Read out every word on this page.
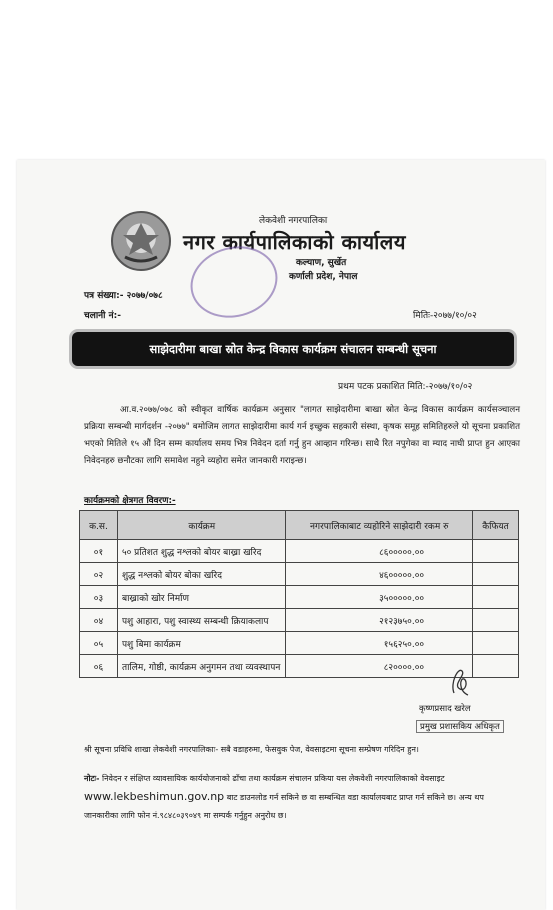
लेकवेशी नगरपालिका
नगर कार्यपालिकाको कार्यालय
कल्याण, सुर्खेत
कर्णाली प्रदेश, नेपाल
पत्र संख्या:- २०७७/०७८
चलानी नं:-	मितिः-२०७७/१०/०२
साझेदारीमा बाखा स्रोत केन्द्र विकास कार्यक्रम संचालन सम्बन्धी सूचना
प्रथम पटक प्रकाशित मिति:-२०७७/१०/०२
आ.व.२०७७/०७८ को स्वीकृत वार्षिक कार्यक्रम अनुसार "लागत साझेदारीमा बाखा स्रोत केन्द्र विकास कार्यक्रम कार्यसञ्चालन प्रक्रिया सम्बन्धी मार्गदर्शन -२०७७" बमोजिम लागत साझेदारीमा कार्य गर्न इच्छुक सहकारी संस्था, कृषक समूह समितिहरुले यो सूचना प्रकाशित भएको मितिले १५ औं दिन सम्म कार्यालय समय भित्र निवेदन दर्ता गर्नु हुन आव्हान गरिन्छ। साथै रित नपुगेका वा म्याद नाघी प्राप्त हुन आएका निवेदनहरु छनौटका लागि समावेश नहुने व्यहोरा समेत जानकारी गराइन्छ।
कार्यक्रमको क्षेत्रगत विवरण:-
क.स.	कार्यक्रम	नगरपालिकाबाट व्यहोरिने साझेदारी रकम रु	कैफियत
०१	५० प्रतिशत शुद्ध नश्लको बोयर बाख्रा खरिद	८६०००००.००	
०२	शुद्ध नश्लको बोयर बोका खरिद	४६०००००.००	
०३	बाख्राको खोर निर्माण	३५०००००.००	
०४	पशु आहारा, पशु स्वास्थ्य सम्बन्धी क्रियाकलाप	२१२३७५०.००	
०५	पशु बिमा कार्यक्रम	१५६२५०.००	
०६	तालिम, गोष्ठी, कार्यक्रम अनुगमन तथा व्यवस्थापन	८२००००.००	
कृष्णप्रसाद खरेल
प्रमुख प्रशासकिय अधिकृत
श्री सूचना प्रविधि शाखा लेकवेशी नगरपालिकाः- सबै वडाहरुमा, फेसवुक पेज, वेवसाइटमा सूचना सम्प्रेषण गरिदिन हुन।
नोटः- निवेदन र संक्षिप्त व्यावसायिक कार्ययोजनाको ढाँचा तथा कार्यक्रम संचालन प्रकिया यस लेकवेशी नगरपालिकाको वेवसाइट www.lekbeshimun.gov.np बाट डाउनलोड गर्न सकिने छ वा सम्बन्धित वडा कार्यालयबाट प्राप्त गर्न सकिने छ। अन्य थप जानकारीका लागि फोन नं.९८४८०३९०४९ मा सम्पर्क गर्नुहुन अनुरोध छ।
